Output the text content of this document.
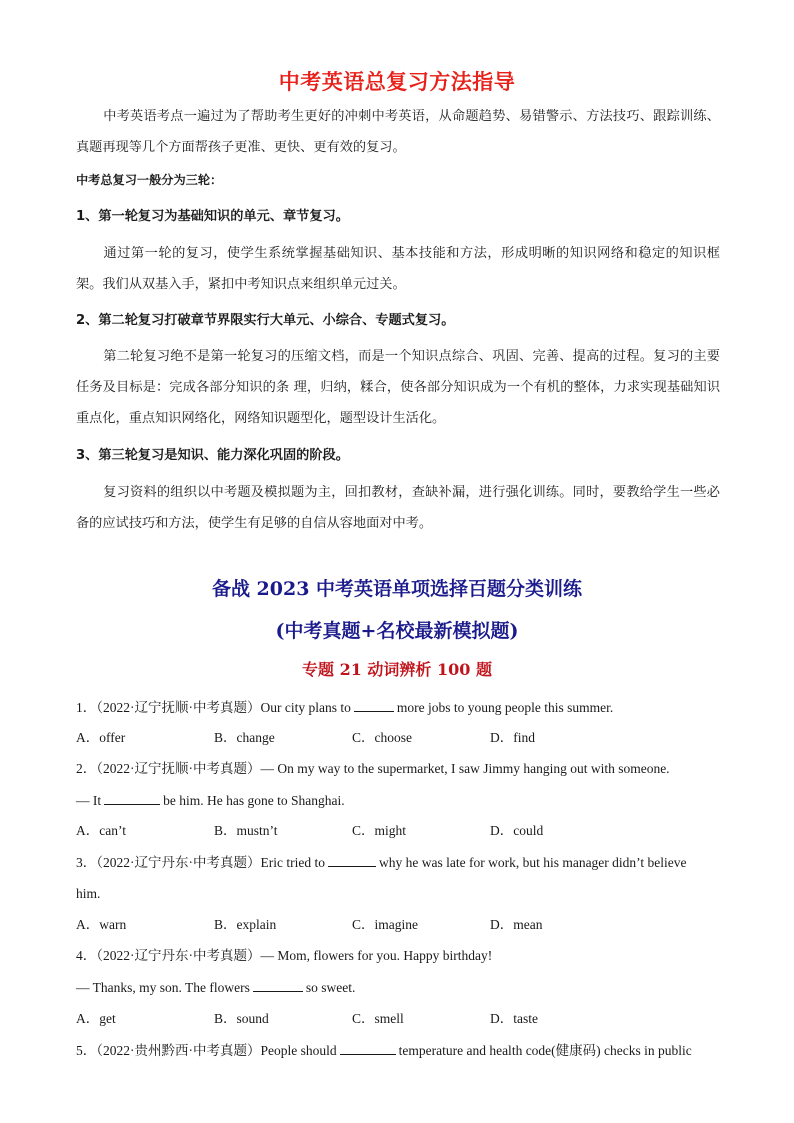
中考英语总复习方法指导
中考英语考点一遍过为了帮助考生更好的冲刺中考英语，从命题趋势、易错警示、方法技巧、跟踪训练、真题再现等几个方面帮孩子更准、更快、更有效的复习。
中考总复习一般分为三轮：
1、第一轮复习为基础知识的单元、章节复习。
通过第一轮的复习，使学生系统掌握基础知识、基本技能和方法，形成明晰的知识网络和稳定的知识框架。我们从双基入手，紧扣中考知识点来组织单元过关。
2、第二轮复习打破章节界限实行大单元、小综合、专题式复习。
第二轮复习绝不是第一轮复习的压缩文档，而是一个知识点综合、巩固、完善、提高的过程。复习的主要任务及目标是：完成各部分知识的条 理，归纳，糅合，使各部分知识成为一个有机的整体，力求实现基础知识重点化，重点知识网络化，网络知识题型化，题型设计生活化。
3、第三轮复习是知识、能力深化巩固的阶段。
复习资料的组织以中考题及模拟题为主，回扣教材，查缺补漏，进行强化训练。同时，要教给学生一些必备的应试技巧和方法，使学生有足够的自信从容地面对中考。
备战 2023 中考英语单项选择百题分类训练
(中考真题+名校最新模拟题)
专题 21 动词辨析 100 题
1．（2022·辽宁抚顺·中考真题）Our city plans to	more jobs to young people this summer.
A．offer	B．change	C．choose	D．find
2．（2022·辽宁抚顺·中考真题）— On my way to the supermarket, I saw Jimmy hanging out with someone.
— It	be him. He has gone to Shanghai.
A．can’t	B．mustn’t	C．might	D．could
3．（2022·辽宁丹东·中考真题）Eric tried to	why he was late for work, but his manager didn’t believe
him.
A．warn	B．explain	C．imagine	D．mean
4．（2022·辽宁丹东·中考真题）— Mom, flowers for you. Happy birthday!
— Thanks, my son. The flowers	so sweet.
A．get	B．sound	C．smell	D．taste
5．（2022·贵州黔西·中考真题）People should	temperature and health code(健康码) checks in public
